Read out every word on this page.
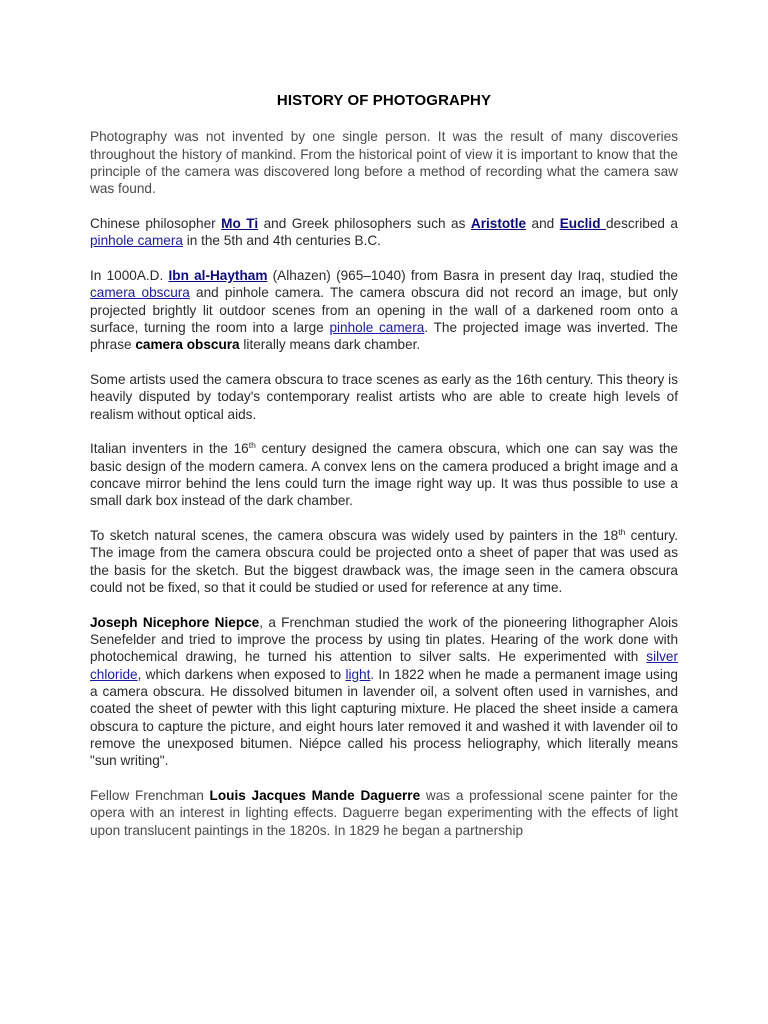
HISTORY OF PHOTOGRAPHY

Photography was not invented by one single person. It was the result of many discoveries throughout the history of mankind. From the historical point of view it is important to know that the principle of the camera was discovered long before a method of recording what the camera saw was found.

Chinese philosopher Mo Ti and Greek philosophers such as Aristotle and Euclid described a pinhole camera in the 5th and 4th centuries B.C.

In 1000A.D. Ibn al-Haytham (Alhazen) (965–1040) from Basra in present day Iraq, studied the camera obscura and pinhole camera. The camera obscura did not record an image, but only projected brightly lit outdoor scenes from an opening in the wall of a darkened room onto a surface, turning the room into a large pinhole camera. The projected image was inverted. The phrase camera obscura literally means dark chamber.

Some artists used the camera obscura to trace scenes as early as the 16th century. This theory is heavily disputed by today's contemporary realist artists who are able to create high levels of realism without optical aids.

Italian inventers in the 16th century designed the camera obscura, which one can say was the basic design of the modern camera. A convex lens on the camera produced a bright image and a concave mirror behind the lens could turn the image right way up. It was thus possible to use a small dark box instead of the dark chamber.

To sketch natural scenes, the camera obscura was widely used by painters in the 18th century. The image from the camera obscura could be projected onto a sheet of paper that was used as the basis for the sketch. But the biggest drawback was, the image seen in the camera obscura could not be fixed, so that it could be studied or used for reference at any time.

Joseph Nicephore Niepce, a Frenchman studied the work of the pioneering lithographer Alois Senefelder and tried to improve the process by using tin plates. Hearing of the work done with photochemical drawing, he turned his attention to silver salts. He experimented with silver chloride, which darkens when exposed to light. In 1822 when he made a permanent image using a camera obscura. He dissolved bitumen in lavender oil, a solvent often used in varnishes, and coated the sheet of pewter with this light capturing mixture. He placed the sheet inside a camera obscura to capture the picture, and eight hours later removed it and washed it with lavender oil to remove the unexposed bitumen. Niépce called his process heliography, which literally means "sun writing".

Fellow Frenchman Louis Jacques Mande Daguerre was a professional scene painter for the opera with an interest in lighting effects. Daguerre began experimenting with the effects of light upon translucent paintings in the 1820s. In 1829 he began a partnership
